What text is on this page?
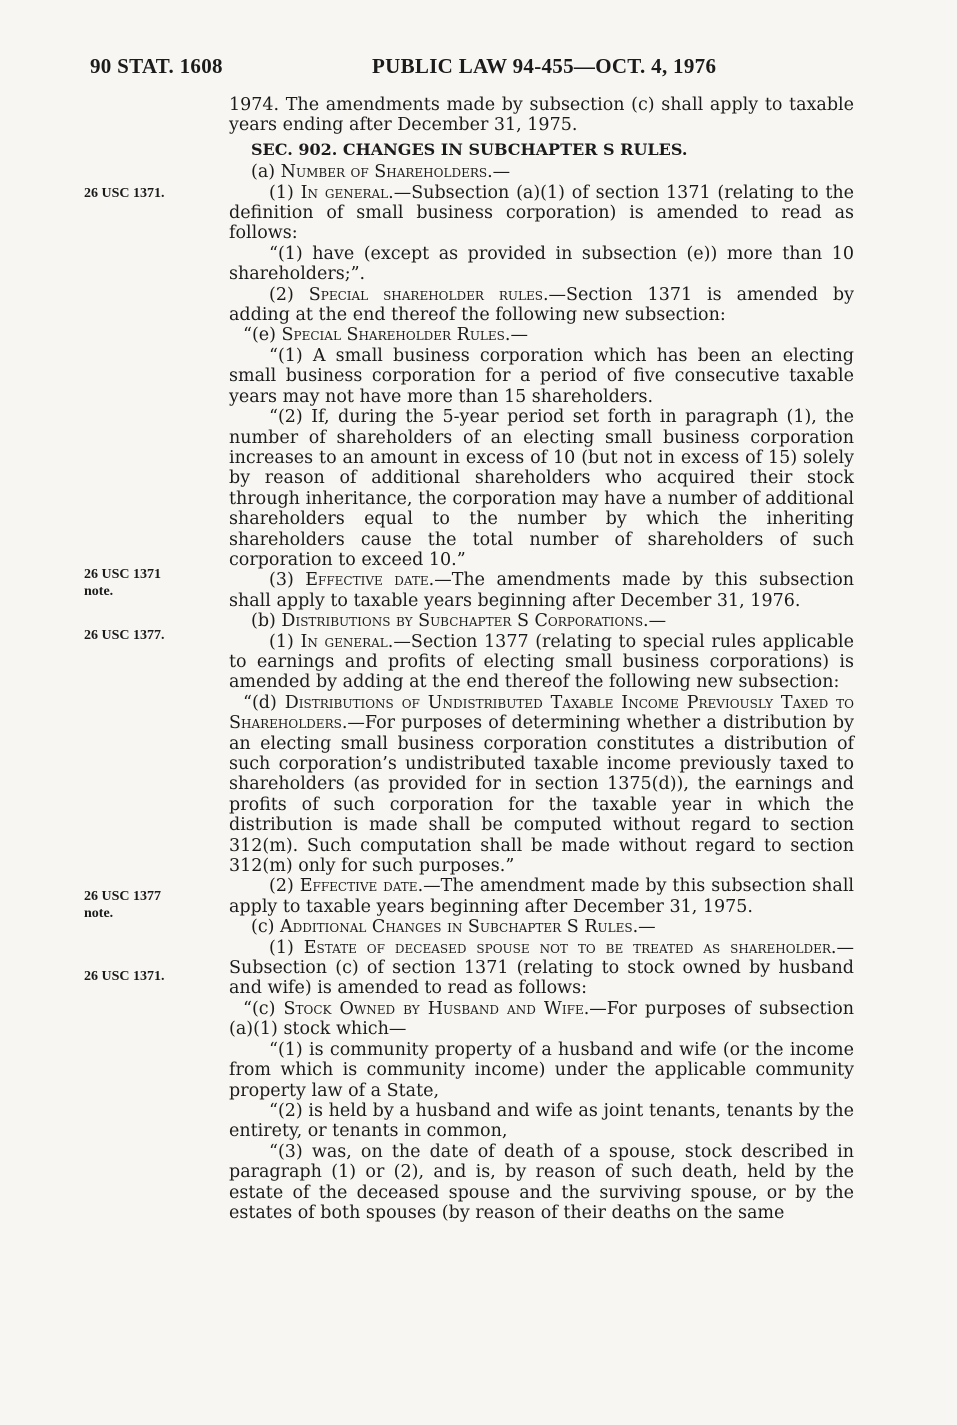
90 STAT. 1608	PUBLIC LAW 94-455—OCT. 4, 1976
26 USC 1371.
26 USC 1371
note.
26 USC 1377.
26 USC 1377
note.
26 USC 1371.

1974. The amendments made by subsection (c) shall apply to taxable years ending after December 31, 1975.

SEC. 902. CHANGES IN SUBCHAPTER S RULES.

(a) Number of Shareholders.—

(1) In general.—Subsection (a)(1) of section 1371 (relating to the definition of small business corporation) is amended to read as follows:

“(1) have (except as provided in subsection (e)) more than 10 shareholders;”.

(2) Special shareholder rules.—Section 1371 is amended by adding at the end thereof the following new subsection:

“(e) Special Shareholder Rules.—

“(1) A small business corporation which has been an electing small business corporation for a period of five consecutive taxable years may not have more than 15 shareholders.

“(2) If, during the 5-year period set forth in paragraph (1), the number of shareholders of an electing small business corporation increases to an amount in excess of 10 (but not in excess of 15) solely by reason of additional shareholders who acquired their stock through inheritance, the corporation may have a number of additional shareholders equal to the number by which the inheriting shareholders cause the total number of shareholders of such corporation to exceed 10.”

(3) Effective date.—The amendments made by this subsection shall apply to taxable years beginning after December 31, 1976.

(b) Distributions by Subchapter S Corporations.—

(1) In general.—Section 1377 (relating to special rules applicable to earnings and profits of electing small business corporations) is amended by adding at the end thereof the following new subsection:

“(d) Distributions of Undistributed Taxable Income Previously Taxed to Shareholders.—For purposes of determining whether a distribution by an electing small business corporation constitutes a distribution of such corporation’s undistributed taxable income previously taxed to shareholders (as provided for in section 1375(d)), the earnings and profits of such corporation for the taxable year in which the distribution is made shall be computed without regard to section 312(m). Such computation shall be made without regard to section 312(m) only for such purposes.”

(2) Effective date.—The amendment made by this subsection shall apply to taxable years beginning after December 31, 1975.

(c) Additional Changes in Subchapter S Rules.—

(1) Estate of deceased spouse not to be treated as shareholder.—Subsection (c) of section 1371 (relating to stock owned by husband and wife) is amended to read as follows:

“(c) Stock Owned by Husband and Wife.—For purposes of subsection (a)(1) stock which—

“(1) is community property of a husband and wife (or the income from which is community income) under the applicable community property law of a State,

“(2) is held by a husband and wife as joint tenants, tenants by the entirety, or tenants in common,

“(3) was, on the date of death of a spouse, stock described in paragraph (1) or (2), and is, by reason of such death, held by the estate of the deceased spouse and the surviving spouse, or by the estates of both spouses (by reason of their deaths on the same
